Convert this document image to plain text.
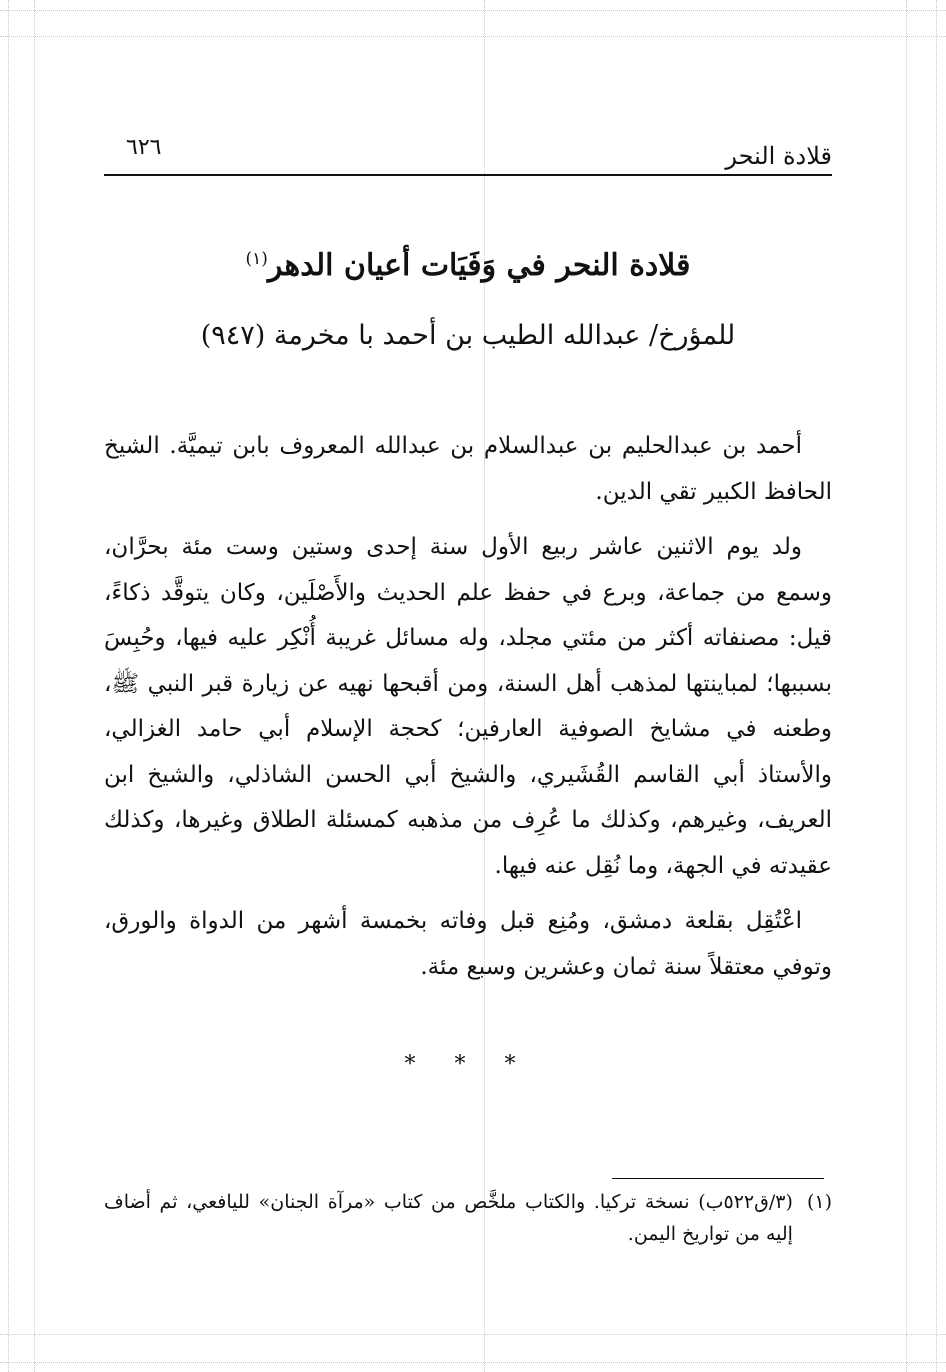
قلادة النحر
٦٢٦
قلادة النحر في وَفَيَات أعيان الدهر$^{(١)}$
للمؤرخ/ عبدالله الطيب بن أحمد با مخرمة (٩٤٧)

أحمد بن عبدالحليم بن عبدالسلام بن عبدالله المعروف بابن تيميَّة. الشيخ الحافظ الكبير تقي الدين.

ولد يوم الاثنين عاشر ربيع الأول سنة إحدى وستين وست مئة بحرَّان، وسمع من جماعة، وبرع في حفظ علم الحديث والأَصْلَين، وكان يتوقَّد ذكاءً، قيل: مصنفاته أكثر من مئتي مجلد، وله مسائل غريبة أُنْكِر عليه فيها، وحُبِسَ بسببها؛ لمباينتها لمذهب أهل السنة، ومن أقبحها نهيه عن زيارة قبر النبي ﷺ، وطعنه في مشايخ الصوفية العارفين؛ كحجة الإسلام أبي حامد الغزالي، والأستاذ أبي القاسم القُشَيري، والشيخ أبي الحسن الشاذلي، والشيخ ابن العريف، وغيرهم، وكذلك ما عُرِف من مذهبه كمسئلة الطلاق وغيرها، وكذلك عقيدته في الجهة، وما نُقِل عنه فيها.

اعْتُقِل بقلعة دمشق، ومُنِع قبل وفاته بخمسة أشهر من الدواة والورق، وتوفي معتقلاً سنة ثمان وعشرين وسبع مئة.

* * *
(١)
(٣/ق٥٢٢ب) نسخة تركيا. والكتاب ملخَّص من كتاب «مرآة الجنان» لليافعي، ثم أضاف إليه من تواريخ اليمن.
